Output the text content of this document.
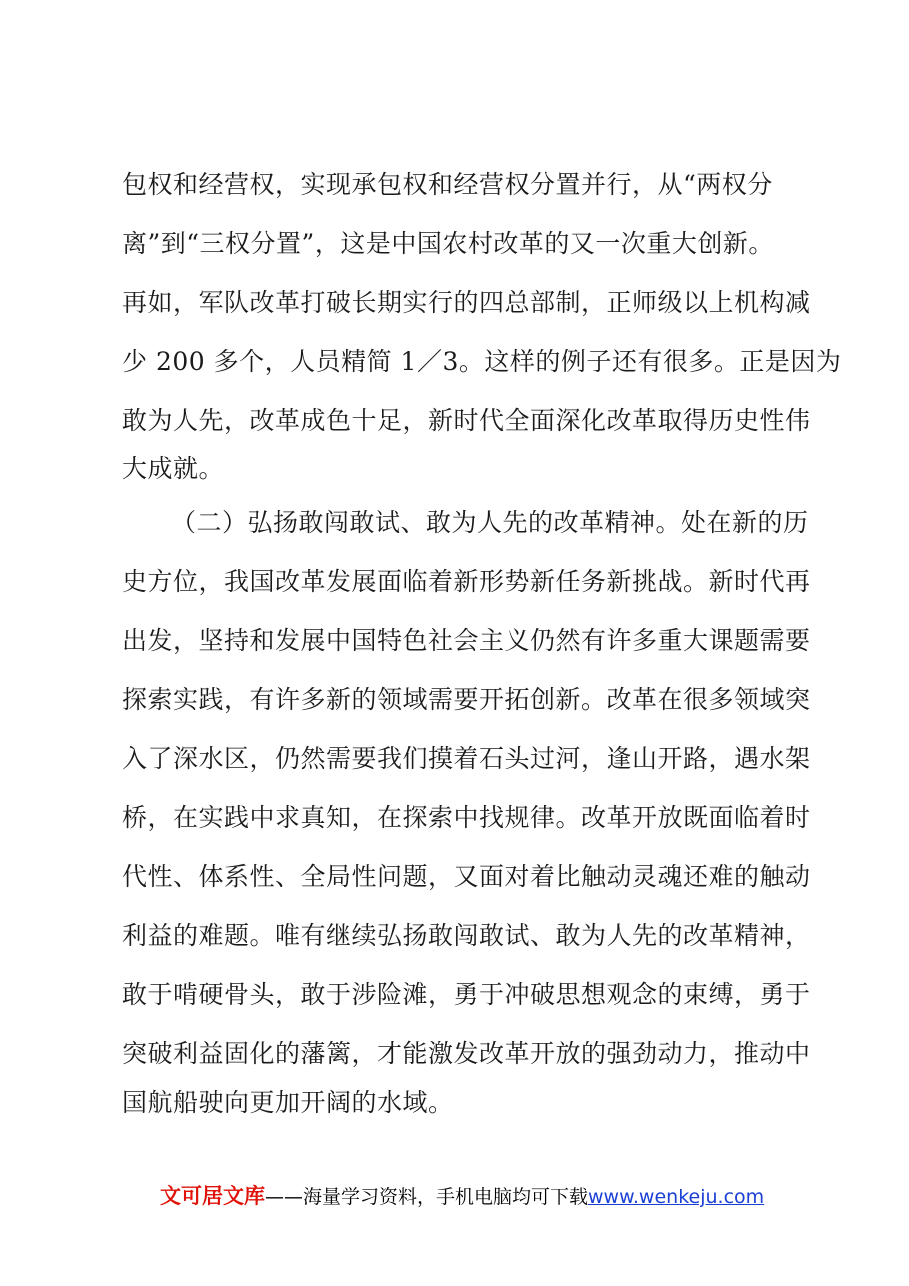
包权和经营权，实现承包权和经营权分置并行，从“两权分
离”到“三权分置”，这是中国农村改革的又一次重大创新。
再如，军队改革打破长期实行的四总部制，正师级以上机构减
少 200 多个，人员精简 1／3。这样的例子还有很多。正是因为
敢为人先，改革成色十足，新时代全面深化改革取得历史性伟
大成就。
（二）弘扬敢闯敢试、敢为人先的改革精神。处在新的历
史方位，我国改革发展面临着新形势新任务新挑战。新时代再
出发，坚持和发展中国特色社会主义仍然有许多重大课题需要
探索实践，有许多新的领域需要开拓创新。改革在很多领域突
入了深水区，仍然需要我们摸着石头过河，逢山开路，遇水架
桥，在实践中求真知，在探索中找规律。改革开放既面临着时
代性、体系性、全局性问题，又面对着比触动灵魂还难的触动
利益的难题。唯有继续弘扬敢闯敢试、敢为人先的改革精神，
敢于啃硬骨头，敢于涉险滩，勇于冲破思想观念的束缚，勇于
突破利益固化的藩篱，才能激发改革开放的强劲动力，推动中
国航船驶向更加开阔的水域。
文可居文库——海量学习资料，手机电脑均可下载www.wenkeju.com
